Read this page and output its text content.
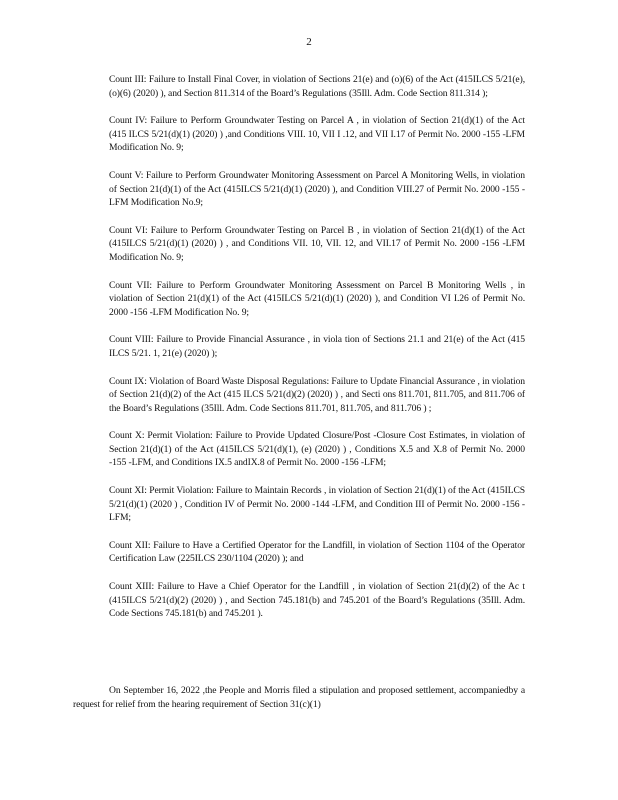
2
Count III: Failure to Install Final Cover, in violation of Sections 21(e) and (o)(6) of the Act (415ILCS 5/21(e), (o)(6) (2020) ), and Section 811.314 of the Board’s Regulations (35Ill. Adm. Code Section 811.314 );
Count IV: Failure to Perform Groundwater Testing on Parcel A , in violation of Section 21(d)(1) of the Act (415 ILCS 5/21(d)(1) (2020) ) ,and Conditions VIII. 10, VII I .12, and VII I.17 of Permit No. 2000 -155 -LFM Modification No. 9;
Count V: Failure to Perform Groundwater Monitoring Assessment on Parcel A Monitoring Wells, in violation of Section 21(d)(1) of the Act (415ILCS 5/21(d)(1) (2020) ), and Condition VIII.27 of Permit No. 2000 -155 -LFM Modification No.9;
Count VI: Failure to Perform Groundwater Testing on Parcel B , in violation of Section 21(d)(1) of the Act (415ILCS 5/21(d)(1) (2020) ) , and Conditions VII. 10, VII. 12, and VII.17 of Permit No. 2000 -156 -LFM Modification No. 9;
Count VII: Failure to Perform Groundwater Monitoring Assessment on Parcel B Monitoring Wells , in violation of Section 21(d)(1) of the Act (415ILCS 5/21(d)(1) (2020) ), and Condition VI I.26 of Permit No. 2000 -156 -LFM Modification No. 9;
Count VIII: Failure to Provide Financial Assurance , in viola tion of Sections 21.1 and 21(e) of the Act (415 ILCS 5/21. 1, 21(e) (2020) );
Count IX: Violation of Board Waste Disposal Regulations: Failure to Update Financial Assurance , in violation of Section 21(d)(2) of the Act (415 ILCS 5/21(d)(2) (2020) ) , and Secti ons 811.701, 811.705, and 811.706 of the Board’s Regulations (35Ill. Adm. Code Sections 811.701, 811.705, and 811.706 ) ;
Count X: Permit Violation: Failure to Provide Updated Closure/Post -Closure Cost Estimates, in violation of Section 21(d)(1) of the Act (415ILCS 5/21(d)(1), (e) (2020) ) , Conditions X.5 and X.8 of Permit No. 2000 -155 -LFM, and Conditions IX.5 andIX.8 of Permit No. 2000 -156 -LFM;
Count XI: Permit Violation: Failure to Maintain Records , in violation of Section 21(d)(1) of the Act (415ILCS 5/21(d)(1) (2020 ) , Condition IV of Permit No. 2000 -144 -LFM, and Condition III of Permit No. 2000 -156 -LFM;
Count XII: Failure to Have a Certified Operator for the Landfill, in violation of Section 1104 of the Operator Certification Law (225ILCS 230/1104 (2020) ); and
Count XIII: Failure to Have a Chief Operator for the Landfill , in violation of Section 21(d)(2) of the Ac t (415ILCS 5/21(d)(2) (2020) ) , and Section 745.181(b) and 745.201 of the Board’s Regulations (35Ill. Adm. Code Sections 745.181(b) and 745.201 ).

On September 16, 2022 ,the People and Morris filed a stipulation and proposed settlement, accompaniedby a request for relief from the hearing requirement of Section 31(c)(1)
